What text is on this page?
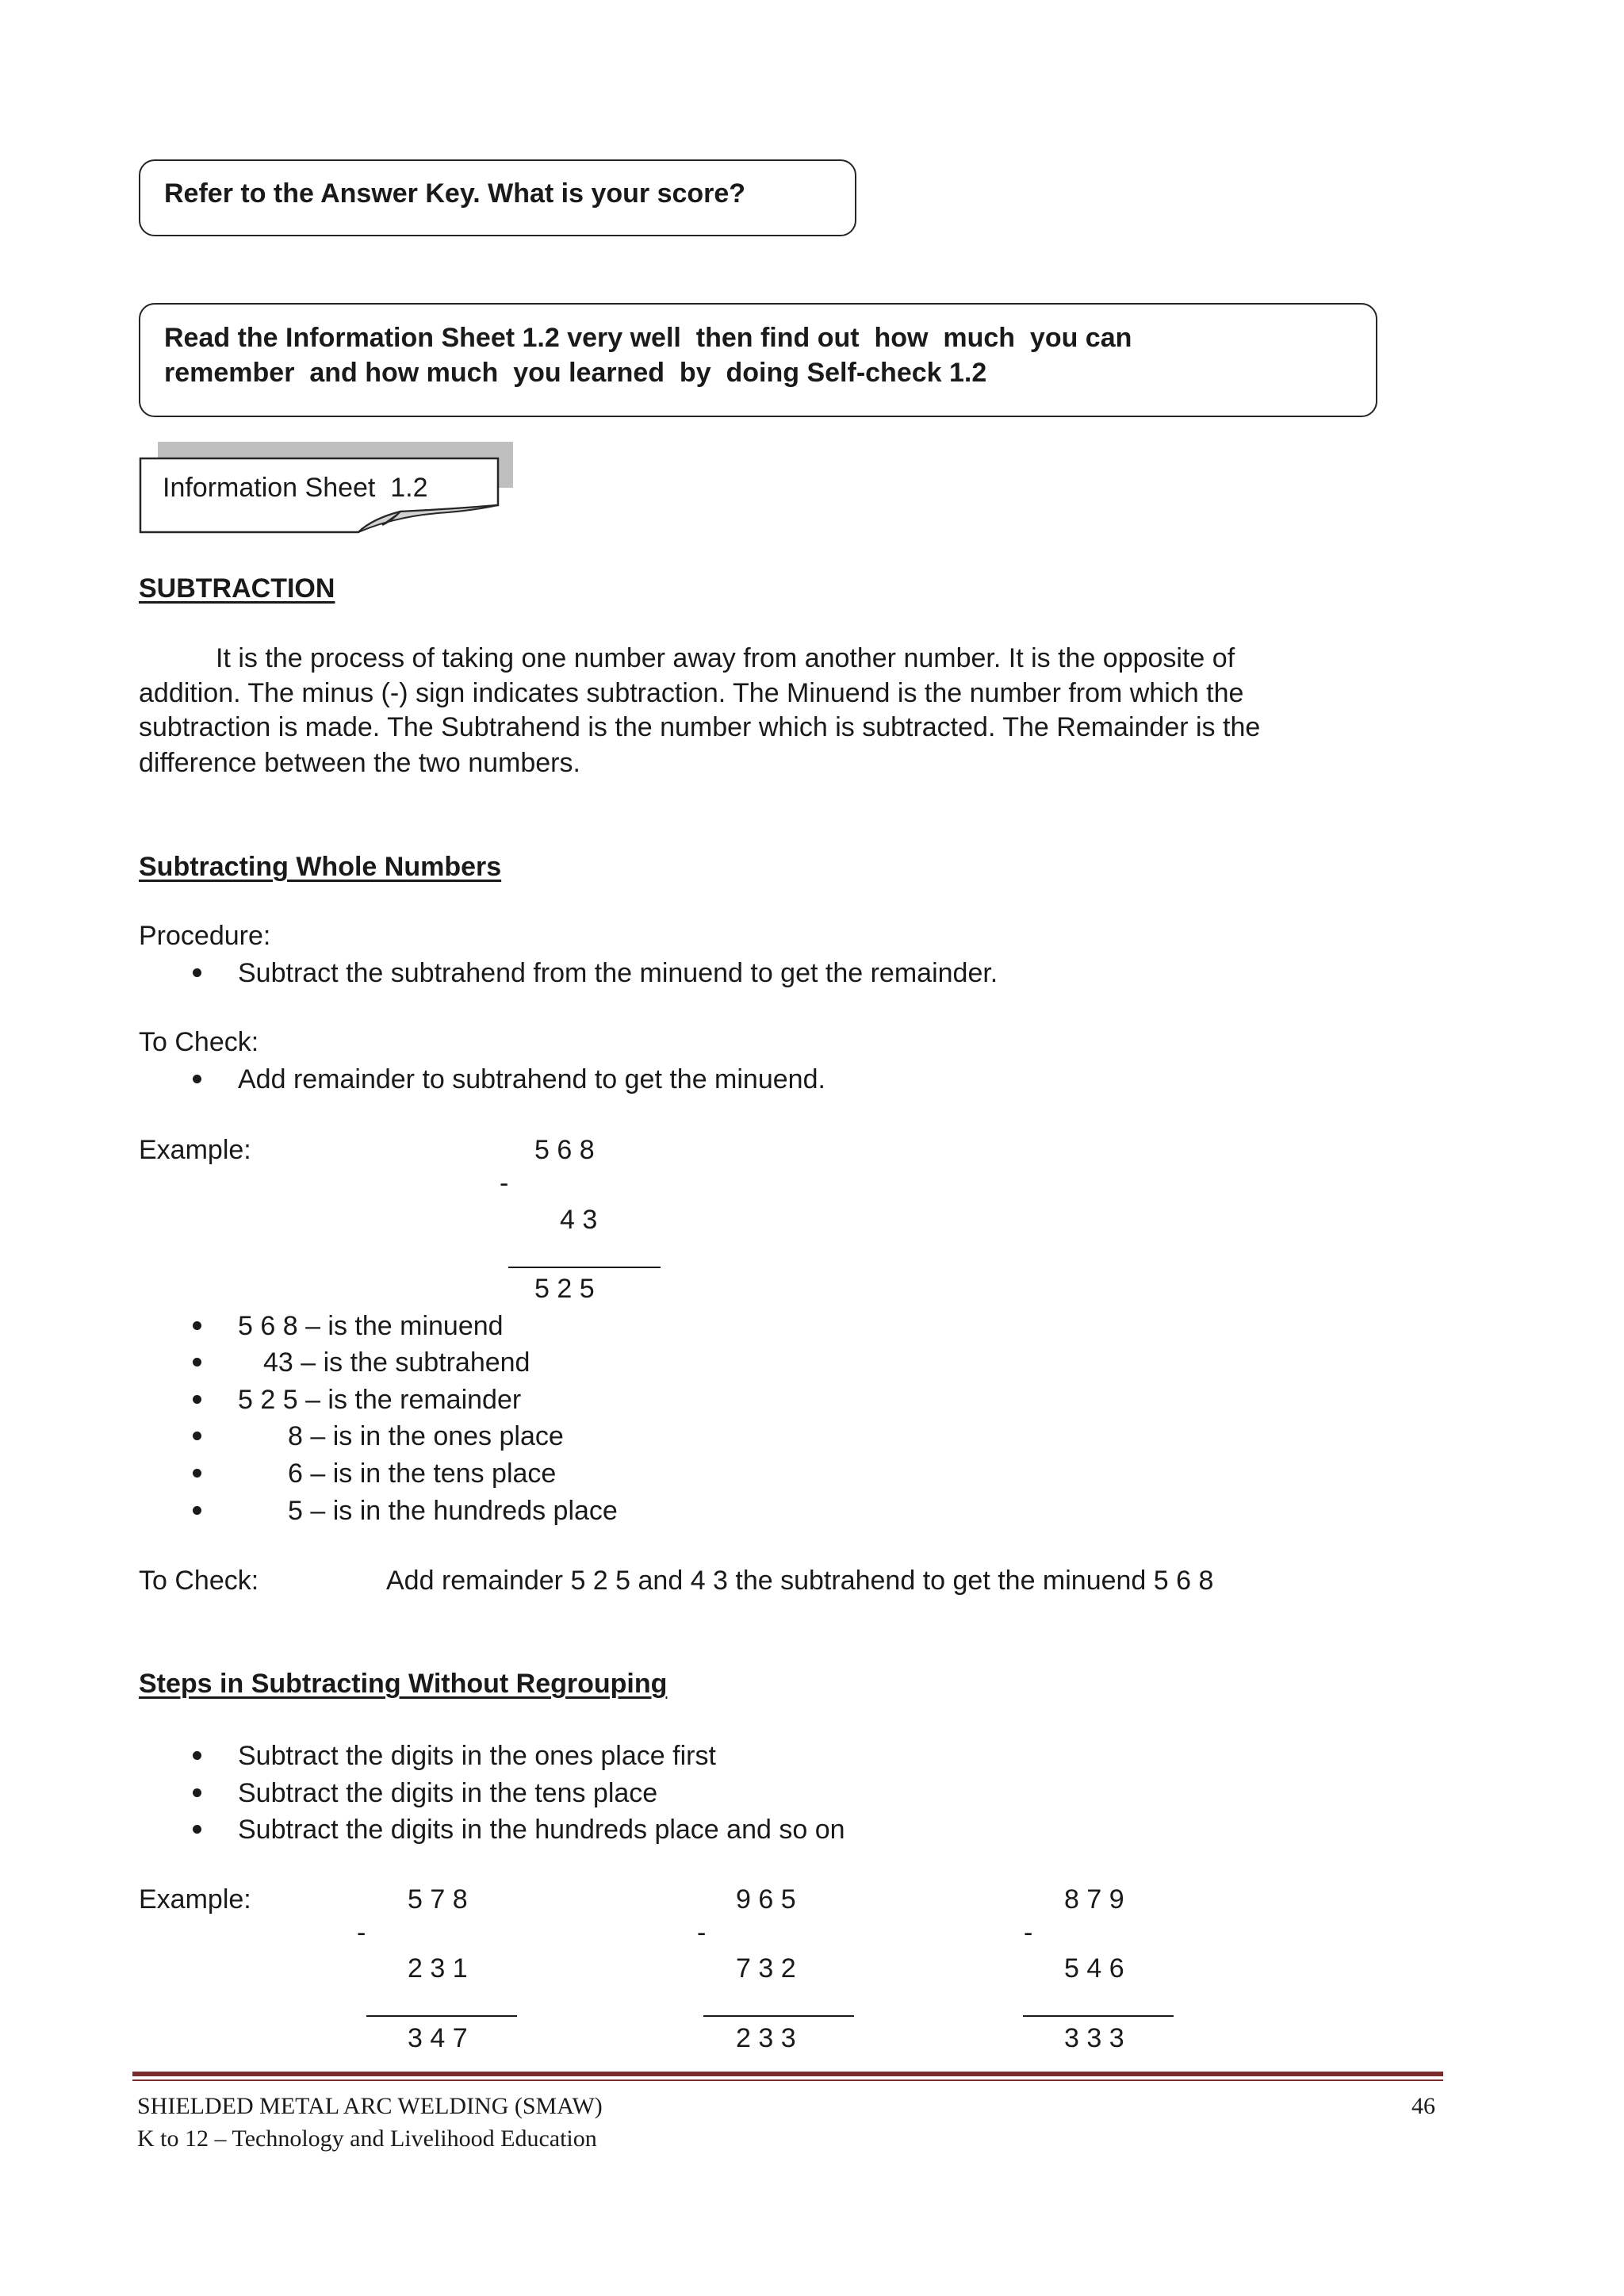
Refer to the Answer Key. What is your score?
Read the Information Sheet 1.2 very well  then find out  how  much  you can
remember  and how much  you learned  by  doing Self-check 1.2
Information Sheet  1.2
SUBTRACTION
It is the process of taking one number away from another number. It is the opposite of
addition. The minus (-) sign indicates subtraction. The Minuend is the number from which the
subtraction is made. The Subtrahend is the number which is subtracted. The Remainder is the
difference between the two numbers.
Subtracting Whole Numbers
Procedure:
Subtract the subtrahend from the minuend to get the remainder.
To Check:
Add remainder to subtrahend to get the minuend.
Example:	5 6 8
-
4 3
5 2 5
5 6 8 – is the minuend
43 – is the subtrahend
5 2 5 – is the remainder
8 – is in the ones place
6 – is in the tens place
5 – is in the hundreds place
To Check:	Add remainder 5 2 5 and 4 3 the subtrahend to get the minuend 5 6 8
Steps in Subtracting Without Regrouping
Subtract the digits in the ones place first
Subtract the digits in the tens place
Subtract the digits in the hundreds place and so on
Example:	5 7 8
-
2 3 1
3 4 7
9 6 5
-
7 3 2
2 3 3
8 7 9
-
5 4 6
3 3 3
SHIELDED METAL ARC WELDING (SMAW)	46
K to 12 – Technology and Livelihood Education
